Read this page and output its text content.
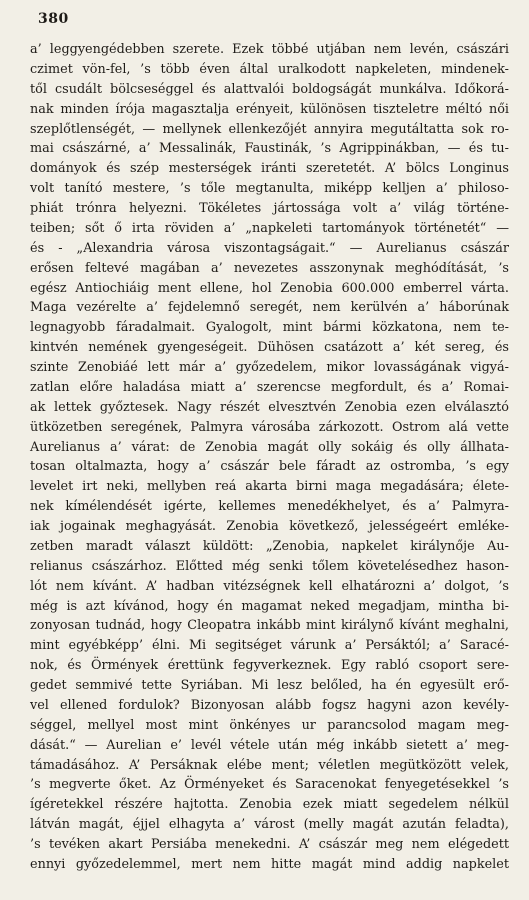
380
a’ leggyengédebben szerete. Ezek többé utjában nem levén, császári
czimet vön-fel, ’s több éven által uralkodott napkeleten, mindenek-
től csudált bölcseséggel és alattvalói boldogságát munkálva. Időkorá-
nak minden írója magasztalja erényeit, különösen tiszteletre méltó női
szeplőtlenségét, — mellynek ellenkezőjét annyira megutáltatta sok ro-
mai császárné, a’ Messalinák, Faustinák, ’s Agrippinákban, — és tu-
dományok és szép mesterségek iránti szeretetét. A’ bölcs Longinus
volt tanító mestere, ’s tőle megtanulta, miképp kelljen a’ philoso-
phiát trónra helyezni. Tökéletes jártossága volt a’ világ történe-
teiben; sőt ő irta röviden a’ „napkeleti tartományok történetét“ —
és - „Alexandria városa viszontagságait.“ — Aurelianus császár
erősen feltevé magában a’ nevezetes asszonynak meghódítását, ’s
egész Antiochiáig ment ellene, hol Zenobia 600.000 emberrel várta.
Maga vezérelte a’ fejdelemnő seregét, nem kerülvén a’ háborúnak
legnagyobb fáradalmait. Gyalogolt, mint bármi közkatona, nem te-
kintvén nemének gyengeségeit. Dühösen csatázott a’ két sereg, és
szinte Zenobiáé lett már a’ győzedelem, mikor lovasságának vigyá-
zatlan előre haladása miatt a’ szerencse megfordult, és a’ Romai-
ak lettek győztesek. Nagy részét elvesztvén Zenobia ezen elválasztó
ütközetben seregének, Palmyra városába zárkozott. Ostrom alá vette
Aurelianus a’ várat: de Zenobia magát olly sokáig és olly állhata-
tosan oltalmazta, hogy a’ császár bele fáradt az ostromba, ’s egy
levelet irt neki, mellyben reá akarta birni maga megadására; élete-
nek kímélendését igérte, kellemes menedékhelyet, és a’ Palmyra-
iak jogainak meghagyását. Zenobia következő, jelességeért emléke-
zetben maradt választ küldött: „Zenobia, napkelet királynője Au-
relianus császárhoz. Előtted még senki tőlem követelésedhez hason-
lót nem kívánt. A’ hadban vitézségnek kell elhatározni a’ dolgot, ’s
még is azt kívánod, hogy én magamat neked megadjam, mintha bi-
zonyosan tudnád, hogy Cleopatra inkább mint királynő kívánt meghalni,
mint egyébképp’ élni. Mi segitséget várunk a’ Persáktól; a’ Saracé-
nok, és Örmények érettünk fegyverkeznek. Egy rabló csoport sere-
gedet semmivé tette Syriában. Mi lesz belőled, ha én egyesült erő-
vel ellened fordulok? Bizonyosan alább fogsz hagyni azon kevély-
séggel, mellyel most mint önkényes ur parancsolod magam meg-
dását.“ — Aurelian e’ levél vétele után még inkább sietett a’ meg-
támadásához. A’ Persáknak elébe ment; véletlen megütközött velek,
’s megverte őket. Az Örményeket és Saracenokat fenyegetésekkel ’s
ígéretekkel részére hajtotta. Zenobia ezek miatt segedelem nélkül
látván magát, éjjel elhagyta a’ várost (melly magát azután feladta),
’s tevéken akart Persiába menekedni. A’ császár meg nem elégedett
ennyi győzedelemmel, mert nem hitte magát mind addig napkelet
